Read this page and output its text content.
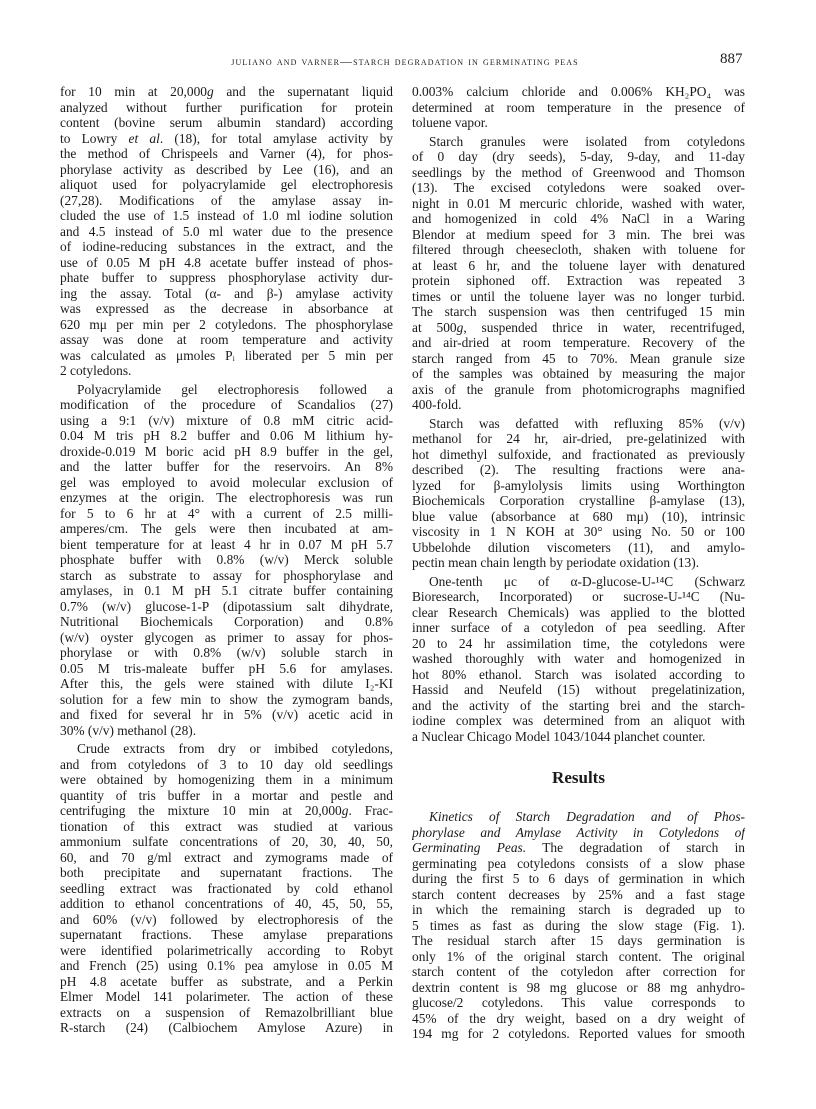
juliano and varner—starch degradation in germinating peas	887
for 10 min at 20,000g and the supernatant liquid
analyzed without further purification for protein
content (bovine serum albumin standard) according
to Lowry et al. (18), for total amylase activity by
the method of Chrispeels and Varner (4), for phos-
phorylase activity as described by Lee (16), and an
aliquot used for polyacrylamide gel electrophoresis
(27,28). Modifications of the amylase assay in-
cluded the use of 1.5 instead of 1.0 ml iodine solution
and 4.5 instead of 5.0 ml water due to the presence
of iodine-reducing substances in the extract, and the
use of 0.05 M pH 4.8 acetate buffer instead of phos-
phate buffer to suppress phosphorylase activity dur-
ing the assay. Total (α- and β-) amylase activity
was expressed as the decrease in absorbance at
620 mμ per min per 2 cotyledons. The phosphorylase
assay was done at room temperature and activity
was calculated as μmoles Pᵢ liberated per 5 min per
2 cotyledons.
Polyacrylamide gel electrophoresis followed a
modification of the procedure of Scandalios (27)
using a 9:1 (v/v) mixture of 0.8 mM citric acid-
0.04 M tris pH 8.2 buffer and 0.06 M lithium hy-
droxide-0.019 M boric acid pH 8.9 buffer in the gel,
and the latter buffer for the reservoirs. An 8%
gel was employed to avoid molecular exclusion of
enzymes at the origin. The electrophoresis was run
for 5 to 6 hr at 4° with a current of 2.5 milli-
amperes/cm. The gels were then incubated at am-
bient temperature for at least 4 hr in 0.07 M pH 5.7
phosphate buffer with 0.8% (w/v) Merck soluble
starch as substrate to assay for phosphorylase and
amylases, in 0.1 M pH 5.1 citrate buffer containing
0.7% (w/v) glucose-1-P (dipotassium salt dihydrate,
Nutritional Biochemicals Corporation) and 0.8%
(w/v) oyster glycogen as primer to assay for phos-
phorylase or with 0.8% (w/v) soluble starch in
0.05 M tris-maleate buffer pH 5.6 for amylases.
After this, the gels were stained with dilute I₂-KI
solution for a few min to show the zymogram bands,
and fixed for several hr in 5% (v/v) acetic acid in
30% (v/v) methanol (28).
Crude extracts from dry or imbibed cotyledons,
and from cotyledons of 3 to 10 day old seedlings
were obtained by homogenizing them in a minimum
quantity of tris buffer in a mortar and pestle and
centrifuging the mixture 10 min at 20,000g. Frac-
tionation of this extract was studied at various
ammonium sulfate concentrations of 20, 30, 40, 50,
60, and 70 g/ml extract and zymograms made of
both precipitate and supernatant fractions. The
seedling extract was fractionated by cold ethanol
addition to ethanol concentrations of 40, 45, 50, 55,
and 60% (v/v) followed by electrophoresis of the
supernatant fractions. These amylase preparations
were identified polarimetrically according to Robyt
and French (25) using 0.1% pea amylose in 0.05 M
pH 4.8 acetate buffer as substrate, and a Perkin
Elmer Model 141 polarimeter. The action of these
extracts on a suspension of Remazolbrilliant blue
R-starch (24) (Calbiochem Amylose Azure) in
0.003% calcium chloride and 0.006% KH₂PO₄ was
determined at room temperature in the presence of
toluene vapor.
Starch granules were isolated from cotyledons
of 0 day (dry seeds), 5-day, 9-day, and 11-day
seedlings by the method of Greenwood and Thomson
(13). The excised cotyledons were soaked over-
night in 0.01 M mercuric chloride, washed with water,
and homogenized in cold 4% NaCl in a Waring
Blendor at medium speed for 3 min. The brei was
filtered through cheesecloth, shaken with toluene for
at least 6 hr, and the toluene layer with denatured
protein siphoned off. Extraction was repeated 3
times or until the toluene layer was no longer turbid.
The starch suspension was then centrifuged 15 min
at 500g, suspended thrice in water, recentrifuged,
and air-dried at room temperature. Recovery of the
starch ranged from 45 to 70%. Mean granule size
of the samples was obtained by measuring the major
axis of the granule from photomicrographs magnified
400-fold.
Starch was defatted with refluxing 85% (v/v)
methanol for 24 hr, air-dried, pre-gelatinized with
hot dimethyl sulfoxide, and fractionated as previously
described (2). The resulting fractions were ana-
lyzed for β-amylolysis limits using Worthington
Biochemicals Corporation crystalline β-amylase (13),
blue value (absorbance at 680 mμ) (10), intrinsic
viscosity in 1 N KOH at 30° using No. 50 or 100
Ubbelohde dilution viscometers (11), and amylo-
pectin mean chain length by periodate oxidation (13).
One-tenth μc of α-D-glucose-U-¹⁴C (Schwarz
Bioresearch, Incorporated) or sucrose-U-¹⁴C (Nu-
clear Research Chemicals) was applied to the blotted
inner surface of a cotyledon of pea seedling. After
20 to 24 hr assimilation time, the cotyledons were
washed thoroughly with water and homogenized in
hot 80% ethanol. Starch was isolated according to
Hassid and Neufeld (15) without pregelatinization,
and the activity of the starting brei and the starch-
iodine complex was determined from an aliquot with
a Nuclear Chicago Model 1043/1044 planchet counter.
Results
Kinetics of Starch Degradation and of Phos-
phorylase and Amylase Activity in Cotyledons of
Germinating Peas. The degradation of starch in
germinating pea cotyledons consists of a slow phase
during the first 5 to 6 days of germination in which
starch content decreases by 25% and a fast stage
in which the remaining starch is degraded up to
5 times as fast as during the slow stage (Fig. 1).
The residual starch after 15 days germination is
only 1% of the original starch content. The original
starch content of the cotyledon after correction for
dextrin content is 98 mg glucose or 88 mg anhydro-
glucose/2 cotyledons. This value corresponds to
45% of the dry weight, based on a dry weight of
194 mg for 2 cotyledons. Reported values for smooth
